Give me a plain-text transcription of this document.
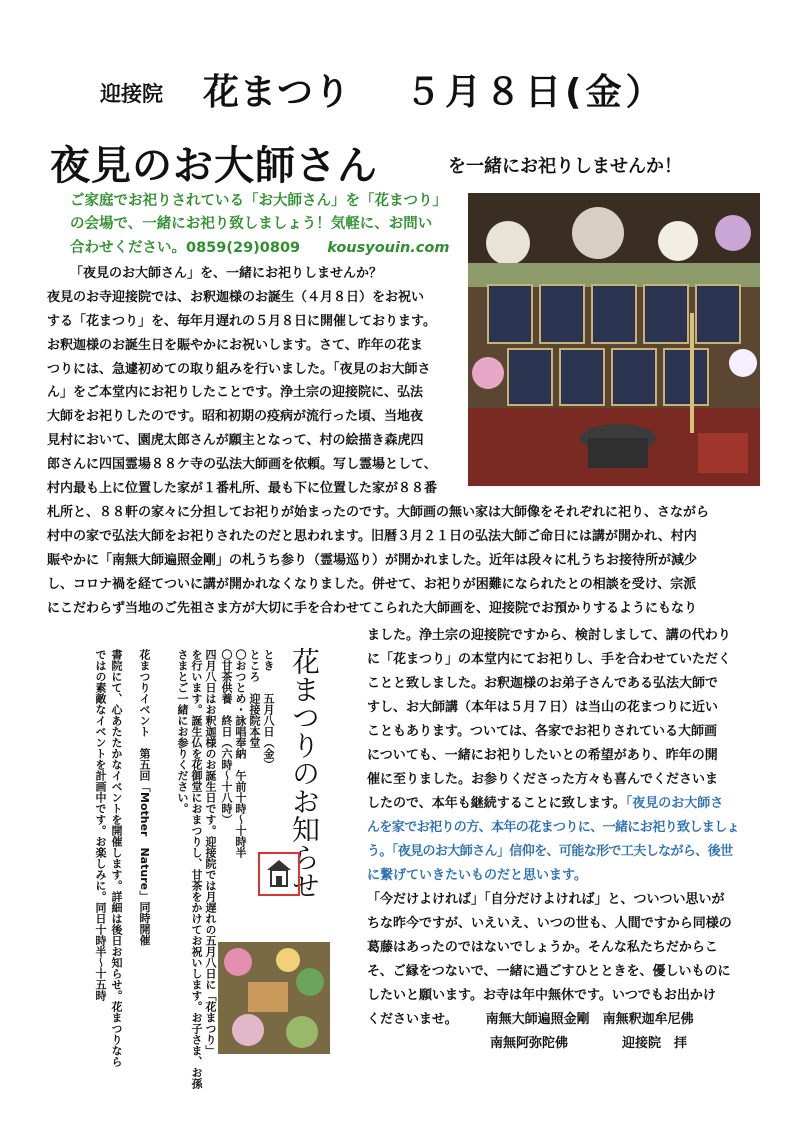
迎接院 花まつり ５月８日(金）
夜見のお大師さん	を一緒にお祀りしませんか！
ご家庭でお祀りされている「お大師さん」を「花まつり」
の会場で、一緒にお祀り致しましょう！気軽に、お問い
合わせください。0859(29)0809 kousyouin.com
「夜見のお大師さん」を、一緒にお祀りしませんか？
夜見のお寺迎接院では、お釈迦様のお誕生（４月８日）をお祝い
する「花まつり」を、毎年月遅れの５月８日に開催しております。
お釈迦様のお誕生日を賑やかにお祝いします。さて、昨年の花ま
つりには、急遽初めての取り組みを行いました。「夜見のお大師さ
ん」をご本堂内にお祀りしたことです。浄土宗の迎接院に、弘法
大師をお祀りしたのです。昭和初期の疫病が流行った頃、当地夜
見村において、園虎太郎さんが願主となって、村の絵描き森虎四
郎さんに四国霊場８８ケ寺の弘法大師画を依頼。写し霊場として、
村内最も上に位置した家が１番札所、最も下に位置した家が８８番
札所と、８８軒の家々に分担してお祀りが始まったのです。大師画の無い家は大師像をそれぞれに祀り、さながら
村中の家で弘法大師をお祀りされたのだと思われます。旧暦３月２１日の弘法大師ご命日には講が開かれ、村内
賑やかに「南無大師遍照金剛」の札うち参り（霊場巡り）が開かれました。近年は段々に札うちお接待所が減少
し、コロナ禍を経てついに講が開かれなくなりました。併せて、お祀りが困難になられたとの相談を受け、宗派
にこだわらず当地のご先祖さま方が大切に手を合わせてこられた大師画を、迎接院でお預かりするようにもなり
ました。浄土宗の迎接院ですから、検討しまして、講の代わり
に「花まつり」の本堂内にてお祀りし、手を合わせていただく
ことと致しました。お釈迦様のお弟子さんである弘法大師で
すし、お大師講（本年は５月７日）は当山の花まつりに近い
こともあります。ついては、各家でお祀りされている大師画
についても、一緒にお祀りしたいとの希望があり、昨年の開
催に至りました。お参りくださった方々も喜んでくださいま
したので、本年も継続することに致します。「夜見のお大師さ
んを家でお祀りの方、本年の花まつりに、一緒にお祀り致しましょ
う。「夜見のお大師さん」信仰を、可能な形で工夫しながら、後世
に繋げていきたいものだと思います。
「今だけよければ」「自分だけよければ」と、ついつい思いが
ちな昨今ですが、いえいえ、いつの世も、人間ですから同様の
葛藤はあったのではないでしょうか。そんな私たちだからこ
そ、ご縁をつないで、一緒に過ごすひとときを、優しいものに
したいと願います。お寺は年中無休です。いつでもお出かけ
くださいませ。 南無大師遍照金剛　南無釈迦牟尼佛
南無阿弥陀佛	迎接院　拝
花まつりのお知らせ
とき　　五月八日（金）
ところ　迎接院本堂
〇おつとめ・詠唱奉納　午前十時～十時半
〇甘茶供養　終日（六時～十八時）
四月八日はお釈迦様のお誕生日です。迎接院では月遅れの五月八日に「花まつり」
を行います。誕生仏を花御堂におまつりし、甘茶をかけてお祝いします。お子さま、お孫
さまとご一緒にお参りください。
花まつりイベント　第五回「Mother　Nature」同時開催
書院にて、心あたたかなイベントを開催します。詳細は後日お知らせ。花まつりなら
ではの素敵なイベントを計画中です。お楽しみに。同日十時半～十五時
